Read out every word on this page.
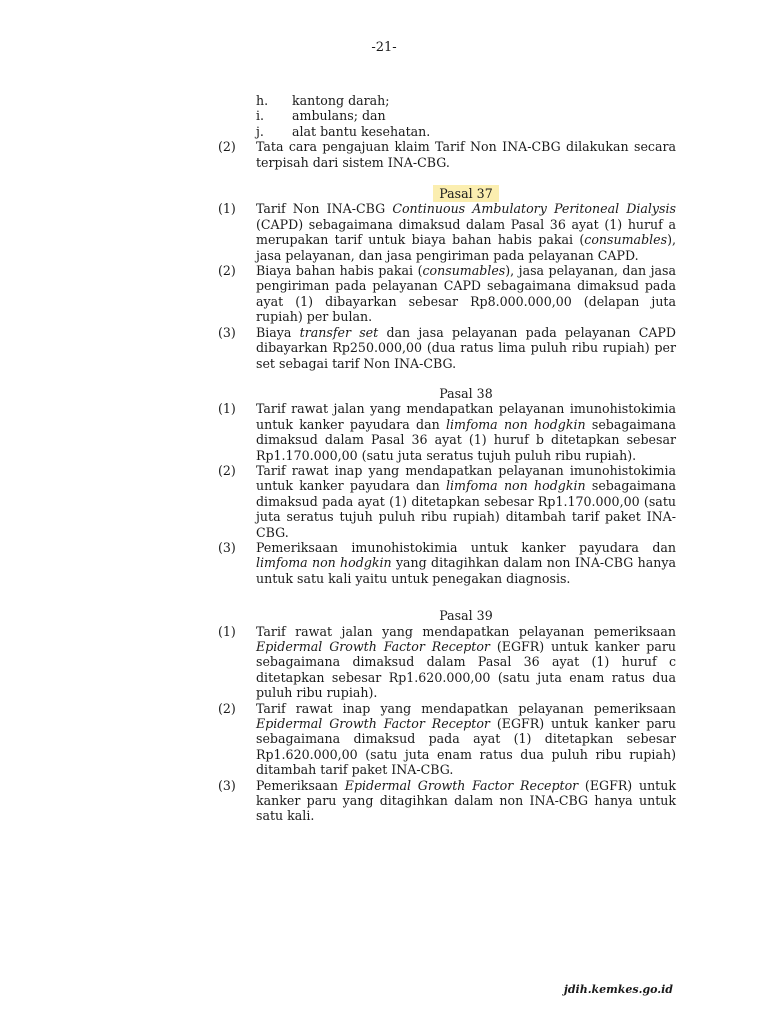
-21-
h.	kantong darah;
i.	ambulans; dan
j.	alat bantu kesehatan.
(2)	Tata cara pengajuan klaim Tarif Non INA-CBG dilakukan secara terpisah dari sistem INA-CBG.
Pasal 37
(1)	Tarif Non INA-CBG Continuous Ambulatory Peritoneal Dialysis (CAPD) sebagaimana dimaksud dalam Pasal 36 ayat (1) huruf a merupakan tarif untuk biaya bahan habis pakai (consumables), jasa pelayanan, dan jasa pengiriman pada pelayanan CAPD.
(2)	Biaya bahan habis pakai (consumables), jasa pelayanan, dan jasa pengiriman pada pelayanan CAPD sebagaimana dimaksud pada ayat (1) dibayarkan sebesar Rp8.000.000,00 (delapan juta rupiah) per bulan.
(3)	Biaya transfer set dan jasa pelayanan pada pelayanan CAPD dibayarkan Rp250.000,00 (dua ratus lima puluh ribu rupiah) per set sebagai tarif Non INA-CBG.
Pasal 38
(1)	Tarif rawat jalan yang mendapatkan pelayanan imunohistokimia untuk kanker payudara dan limfoma non hodgkin sebagaimana dimaksud dalam Pasal 36 ayat (1) huruf b ditetapkan sebesar Rp1.170.000,00 (satu juta seratus tujuh puluh ribu rupiah).
(2)	Tarif rawat inap yang mendapatkan pelayanan imunohistokimia untuk kanker payudara dan limfoma non hodgkin sebagaimana dimaksud pada ayat (1) ditetapkan sebesar Rp1.170.000,00 (satu juta seratus tujuh puluh ribu rupiah) ditambah tarif paket INA-CBG.
(3)	Pemeriksaan imunohistokimia untuk kanker payudara dan limfoma non hodgkin yang ditagihkan dalam non INA-CBG hanya untuk satu kali yaitu untuk penegakan diagnosis.
Pasal 39
(1)	Tarif rawat jalan yang mendapatkan pelayanan pemeriksaan Epidermal Growth Factor Receptor (EGFR) untuk kanker paru sebagaimana dimaksud dalam Pasal 36 ayat (1) huruf c ditetapkan sebesar Rp1.620.000,00 (satu juta enam ratus dua puluh ribu rupiah).
(2)	Tarif rawat inap yang mendapatkan pelayanan pemeriksaan Epidermal Growth Factor Receptor (EGFR) untuk kanker paru sebagaimana dimaksud pada ayat (1) ditetapkan sebesar Rp1.620.000,00 (satu juta enam ratus dua puluh ribu rupiah) ditambah tarif paket INA-CBG.
(3)	Pemeriksaan Epidermal Growth Factor Receptor (EGFR) untuk kanker paru yang ditagihkan dalam non INA-CBG hanya untuk satu kali.
jdih.kemkes.go.id
